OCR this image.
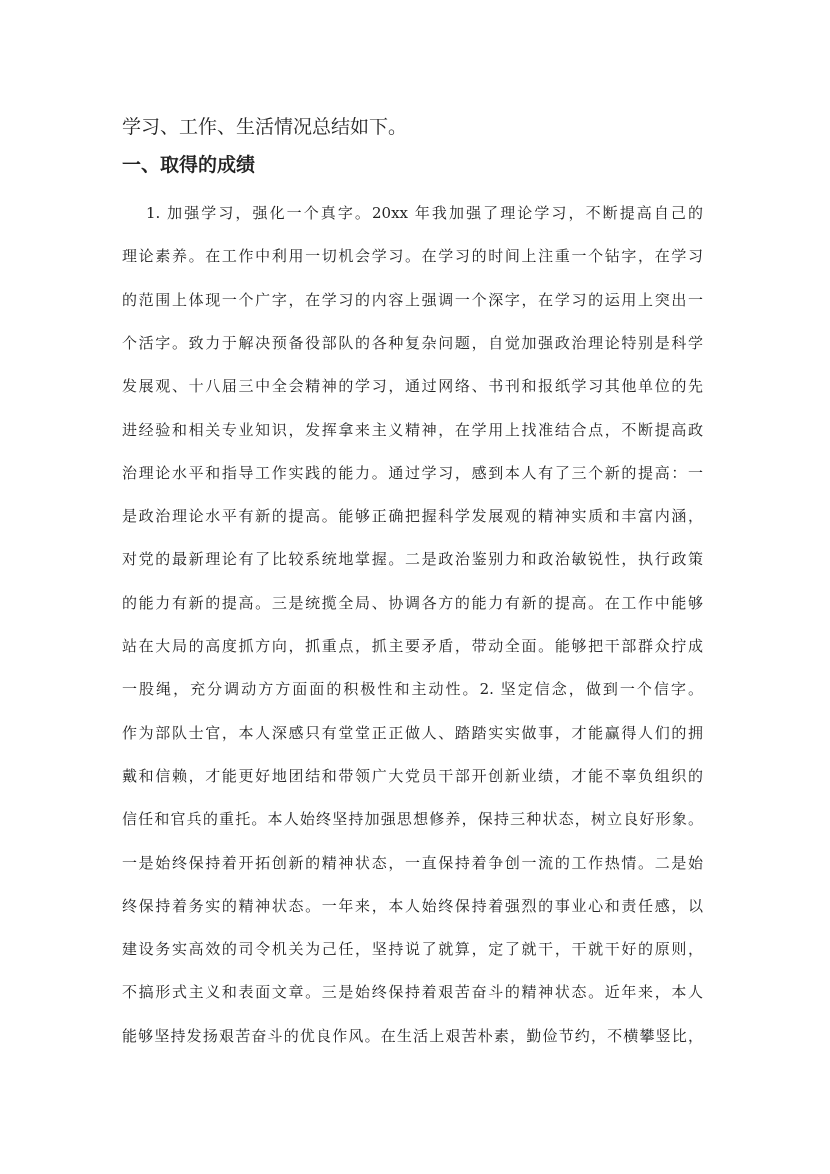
学习、工作、生活情况总结如下。
一、取得的成绩
1. 加强学习，强化一个真字。20xx 年我加强了理论学习，不断提高自己的
理论素养。在工作中利用一切机会学习。在学习的时间上注重一个钻字，在学习
的范围上体现一个广字，在学习的内容上强调一个深字，在学习的运用上突出一
个活字。致力于解决预备役部队的各种复杂问题，自觉加强政治理论特别是科学
发展观、十八届三中全会精神的学习，通过网络、书刊和报纸学习其他单位的先
进经验和相关专业知识，发挥拿来主义精神，在学用上找准结合点，不断提高政
治理论水平和指导工作实践的能力。通过学习，感到本人有了三个新的提高：一
是政治理论水平有新的提高。能够正确把握科学发展观的精神实质和丰富内涵，
对党的最新理论有了比较系统地掌握。二是政治鉴别力和政治敏锐性，执行政策
的能力有新的提高。三是统揽全局、协调各方的能力有新的提高。在工作中能够
站在大局的高度抓方向，抓重点，抓主要矛盾，带动全面。能够把干部群众拧成
一股绳，充分调动方方面面的积极性和主动性。2. 坚定信念，做到一个信字。
作为部队士官，本人深感只有堂堂正正做人、踏踏实实做事，才能赢得人们的拥
戴和信赖，才能更好地团结和带领广大党员干部开创新业绩，才能不辜负组织的
信任和官兵的重托。本人始终坚持加强思想修养，保持三种状态，树立良好形象。
一是始终保持着开拓创新的精神状态，一直保持着争创一流的工作热情。二是始
终保持着务实的精神状态。一年来，本人始终保持着强烈的事业心和责任感，以
建设务实高效的司令机关为己任，坚持说了就算，定了就干，干就干好的原则，
不搞形式主义和表面文章。三是始终保持着艰苦奋斗的精神状态。近年来，本人
能够坚持发扬艰苦奋斗的优良作风。在生活上艰苦朴素，勤俭节约，不横攀竖比，
